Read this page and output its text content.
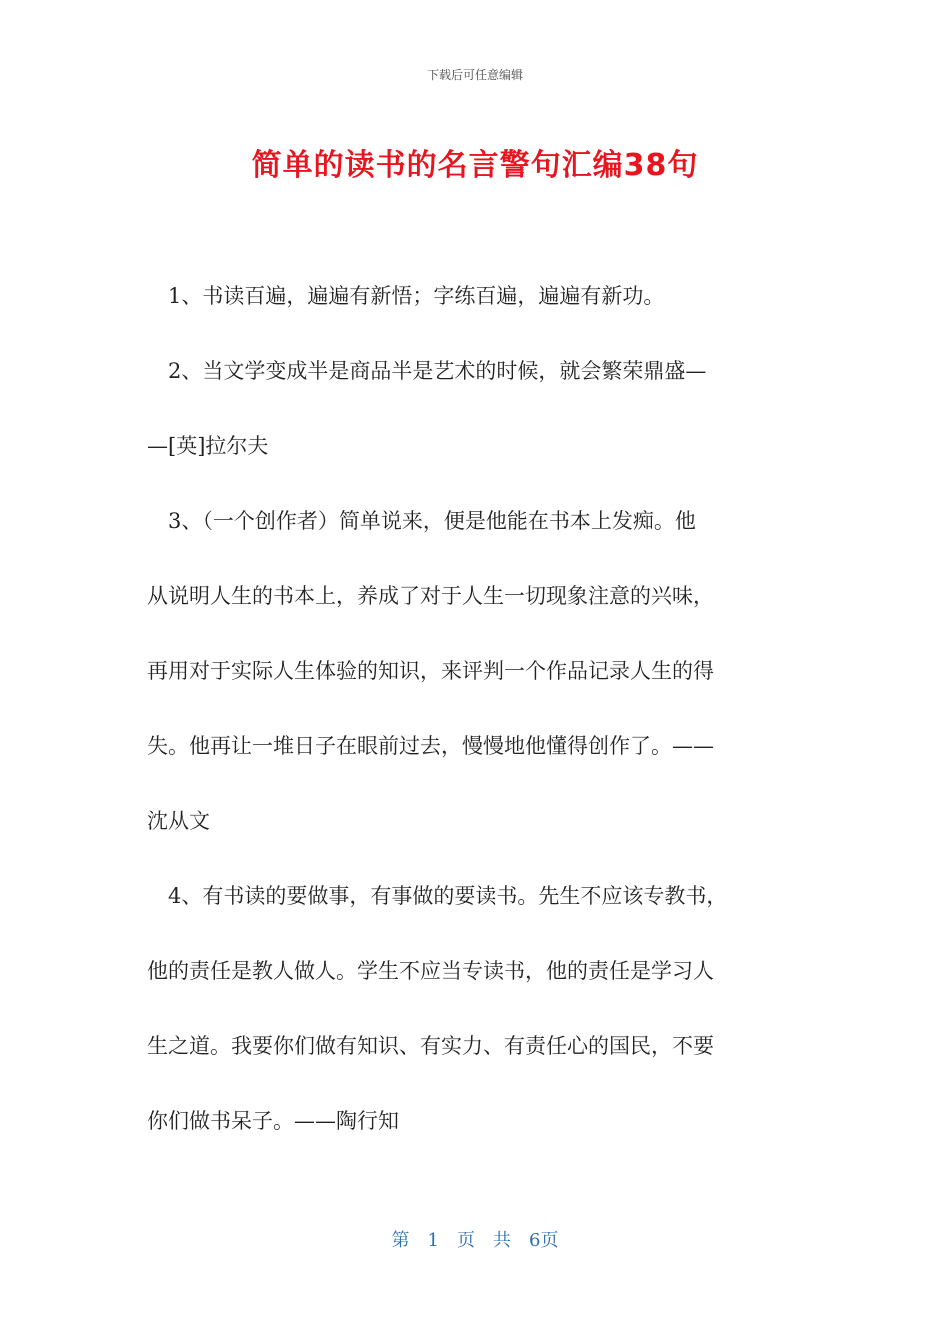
下载后可任意编辑
简单的读书的名言警句汇编38句
　1、书读百遍，遍遍有新悟；字练百遍，遍遍有新功。
　2、当文学变成半是商品半是艺术的时候，就会繁荣鼎盛—
—[英]拉尔夫
　3、（一个创作者）简单说来，便是他能在书本上发痴。他
从说明人生的书本上，养成了对于人生一切现象注意的兴味，
再用对于实际人生体验的知识，来评判一个作品记录人生的得
失。他再让一堆日子在眼前过去，慢慢地他懂得创作了。——
沈从文
　4、有书读的要做事，有事做的要读书。先生不应该专教书，
他的责任是教人做人。学生不应当专读书，他的责任是学习人
生之道。我要你们做有知识、有实力、有责任心的国民，不要
你们做书呆子。——陶行知
第　1　页　共　6页
